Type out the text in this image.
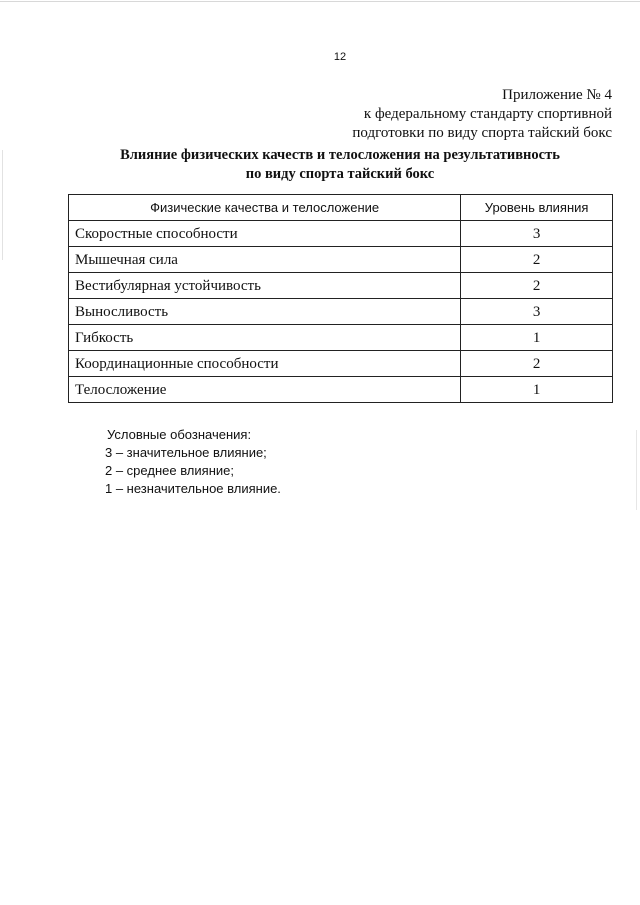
12
Приложение № 4
к федеральному стандарту спортивной
подготовки по виду спорта тайский бокс
Влияние физических качеств и телосложения на результативность
по виду спорта тайский бокс
Физические качества и телосложение	Уровень влияния
Скоростные способности	3
Мышечная сила	2
Вестибулярная устойчивость	2
Выносливость	3
Гибкость	1
Координационные способности	2
Телосложение	1
Условные обозначения:
3 – значительное влияние;
2 – среднее влияние;
1 – незначительное влияние.
